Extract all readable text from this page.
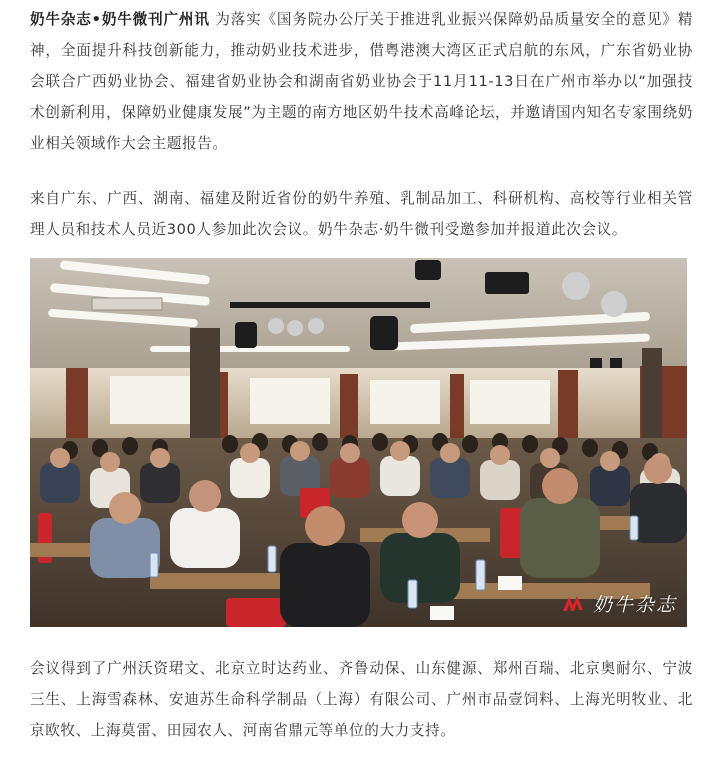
奶牛杂志•奶牛微刊广州讯 为落实《国务院办公厅关于推进乳业振兴保障奶品质量安全的意见》精神，全面提升科技创新能力，推动奶业技术进步，借粤港澳大湾区正式启航的东风，广东省奶业协会联合广西奶业协会、福建省奶业协会和湖南省奶业协会于11月11-13日在广州市举办以“加强技术创新利用，保障奶业健康发展”为主题的南方地区奶牛技术高峰论坛，并邀请国内知名专家围绕奶业相关领域作大会主题报告。

来自广东、广西、湖南、福建及附近省份的奶牛养殖、乳制品加工、科研机构、高校等行业相关管理人员和技术人员近300人参加此次会议。奶牛杂志·奶牛微刊受邀参加并报道此次会议。

奶牛杂志

会议得到了广州沃资珺文、北京立时达药业、齐鲁动保、山东健源、郑州百瑞、北京奥耐尔、宁波三生、上海雪森林、安迪苏生命科学制品（上海）有限公司、广州市品壹饲料、上海光明牧业、北京欧牧、上海莫雷、田园农人、河南省鼎元等单位的大力支持。
